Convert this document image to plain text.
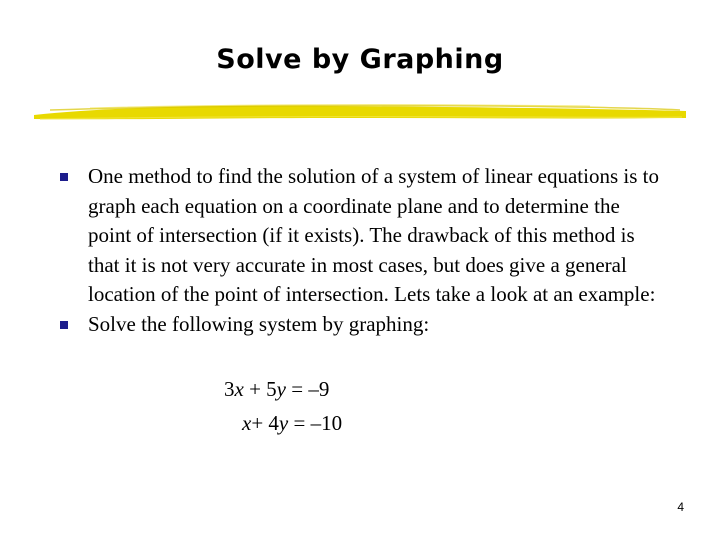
Solve by Graphing
One method to find the solution of a system of linear equations is to graph each equation on a coordinate plane and to determine the point of intersection (if it exists). The drawback of this method is that it is not very accurate in most cases, but does give a general location of the point of intersection. Lets take a look at an example:
Solve the following system by graphing:
3x + 5y = –9
x+ 4y = –10
4
